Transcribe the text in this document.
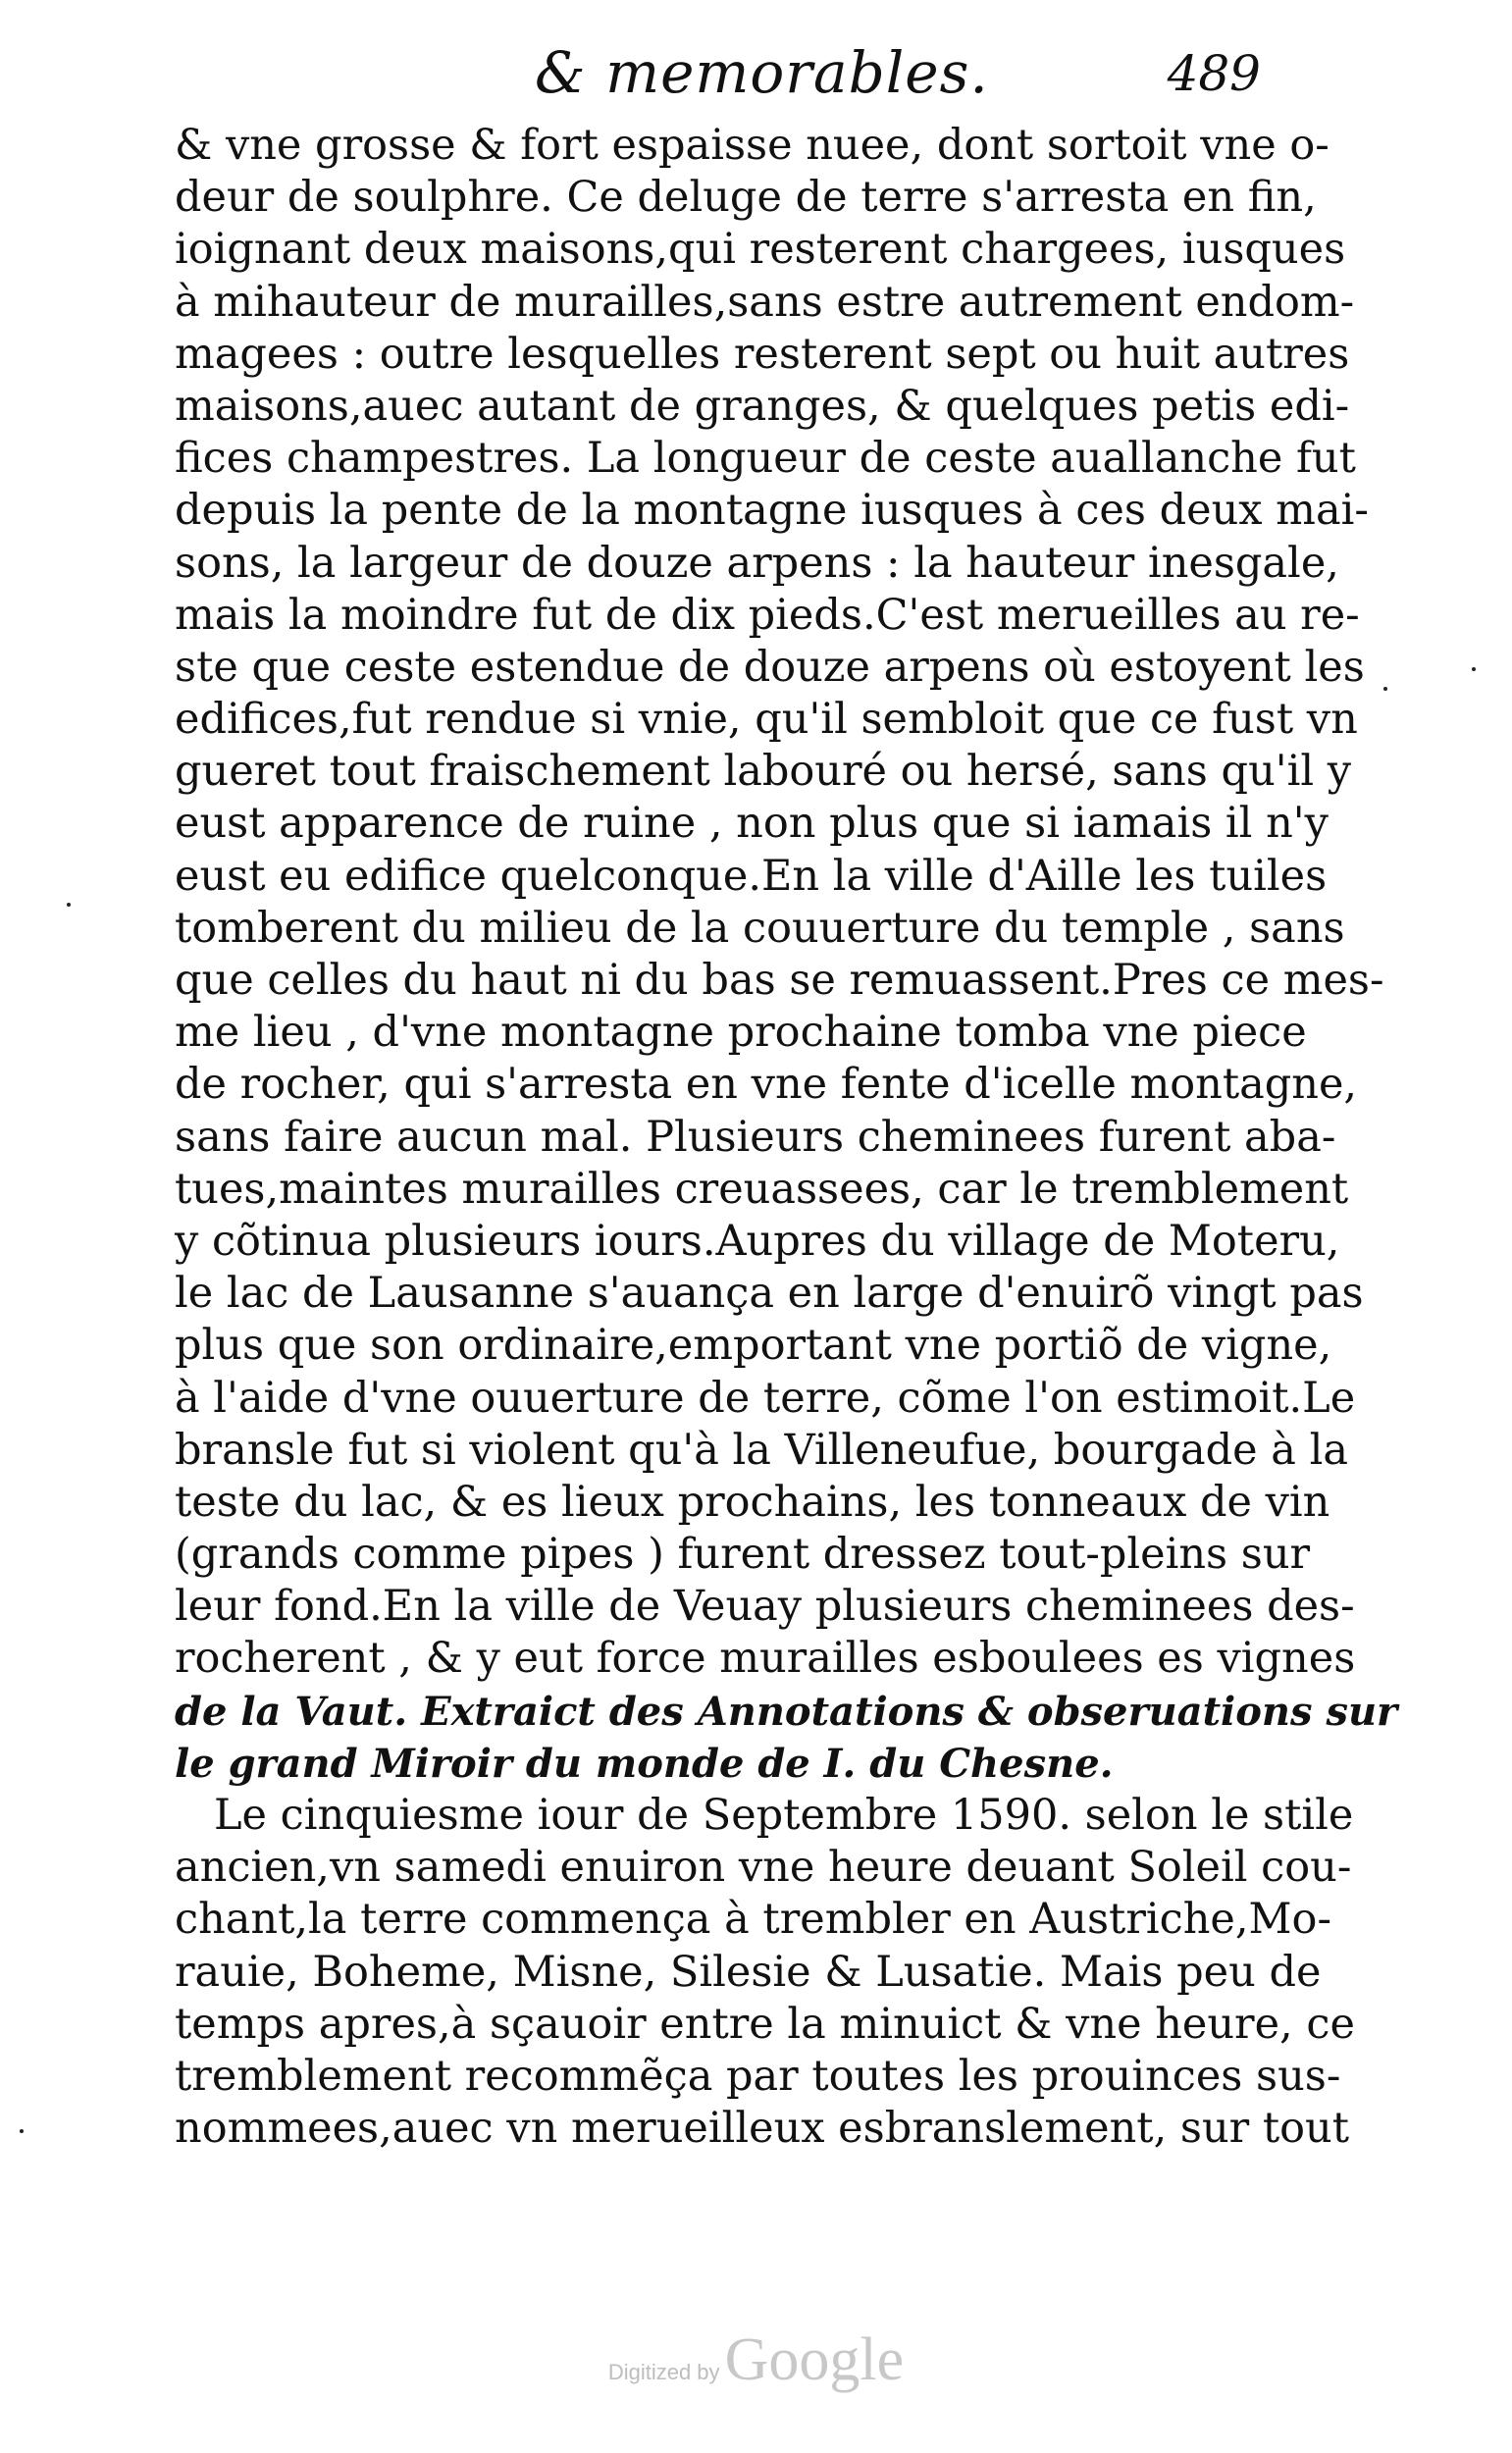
& memorables.	489
& vne grosse & fort espaisse nuee, dont sortoit vne o-
deur de soulphre. Ce deluge de terre s'arresta en fin,
ioignant deux maisons,qui resterent chargees, iusques
à mihauteur de murailles,sans estre autrement endom-
magees : outre lesquelles resterent sept ou huit autres
maisons,auec autant de granges, & quelques petis edi-
fices champestres. La longueur de ceste auallanche fut
depuis la pente de la montagne iusques à ces deux mai-
sons, la largeur de douze arpens : la hauteur inesgale,
mais la moindre fut de dix pieds.C'est merueilles au re-
ste que ceste estendue de douze arpens où estoyent les
edifices,fut rendue si vnie, qu'il sembloit que ce fust vn
gueret tout fraischement labouré ou hersé, sans qu'il y
eust apparence de ruine , non plus que si iamais il n'y
eust eu edifice quelconque.En la ville d'Aille les tuiles
tomberent du milieu de la couuerture du temple , sans
que celles du haut ni du bas se remuassent.Pres ce mes-
me lieu , d'vne montagne prochaine tomba vne piece
de rocher, qui s'arresta en vne fente d'icelle montagne,
sans faire aucun mal. Plusieurs cheminees furent aba-
tues,maintes murailles creuassees, car le tremblement
y cõtinua plusieurs iours.Aupres du village de Moteru,
le lac de Lausanne s'auança en large d'enuirõ vingt pas
plus que son ordinaire,emportant vne portiõ de vigne,
à l'aide d'vne ouuerture de terre, cõme l'on estimoit.Le
bransle fut si violent qu'à la Villeneufue, bourgade à la
teste du lac, & es lieux prochains, les tonneaux de vin
(grands comme pipes ) furent dressez tout-pleins sur
leur fond.En la ville de Veuay plusieurs cheminees des-
rocherent , & y eut force murailles esboulees es vignes
de la Vaut. Extraict des Annotations & obseruations sur
le grand Miroir du monde de I. du Chesne.
Le cinquiesme iour de Septembre 1590. selon le stile
ancien,vn samedi enuiron vne heure deuant Soleil cou-
chant,la terre commença à trembler en Austriche,Mo-
rauie, Boheme, Misne, Silesie & Lusatie. Mais peu de
temps apres,à sçauoir entre la minuict & vne heure, ce
tremblement recommẽça par toutes les prouinces sus-
nommees,auec vn merueilleux esbranslement, sur tout
Digitized by Google
